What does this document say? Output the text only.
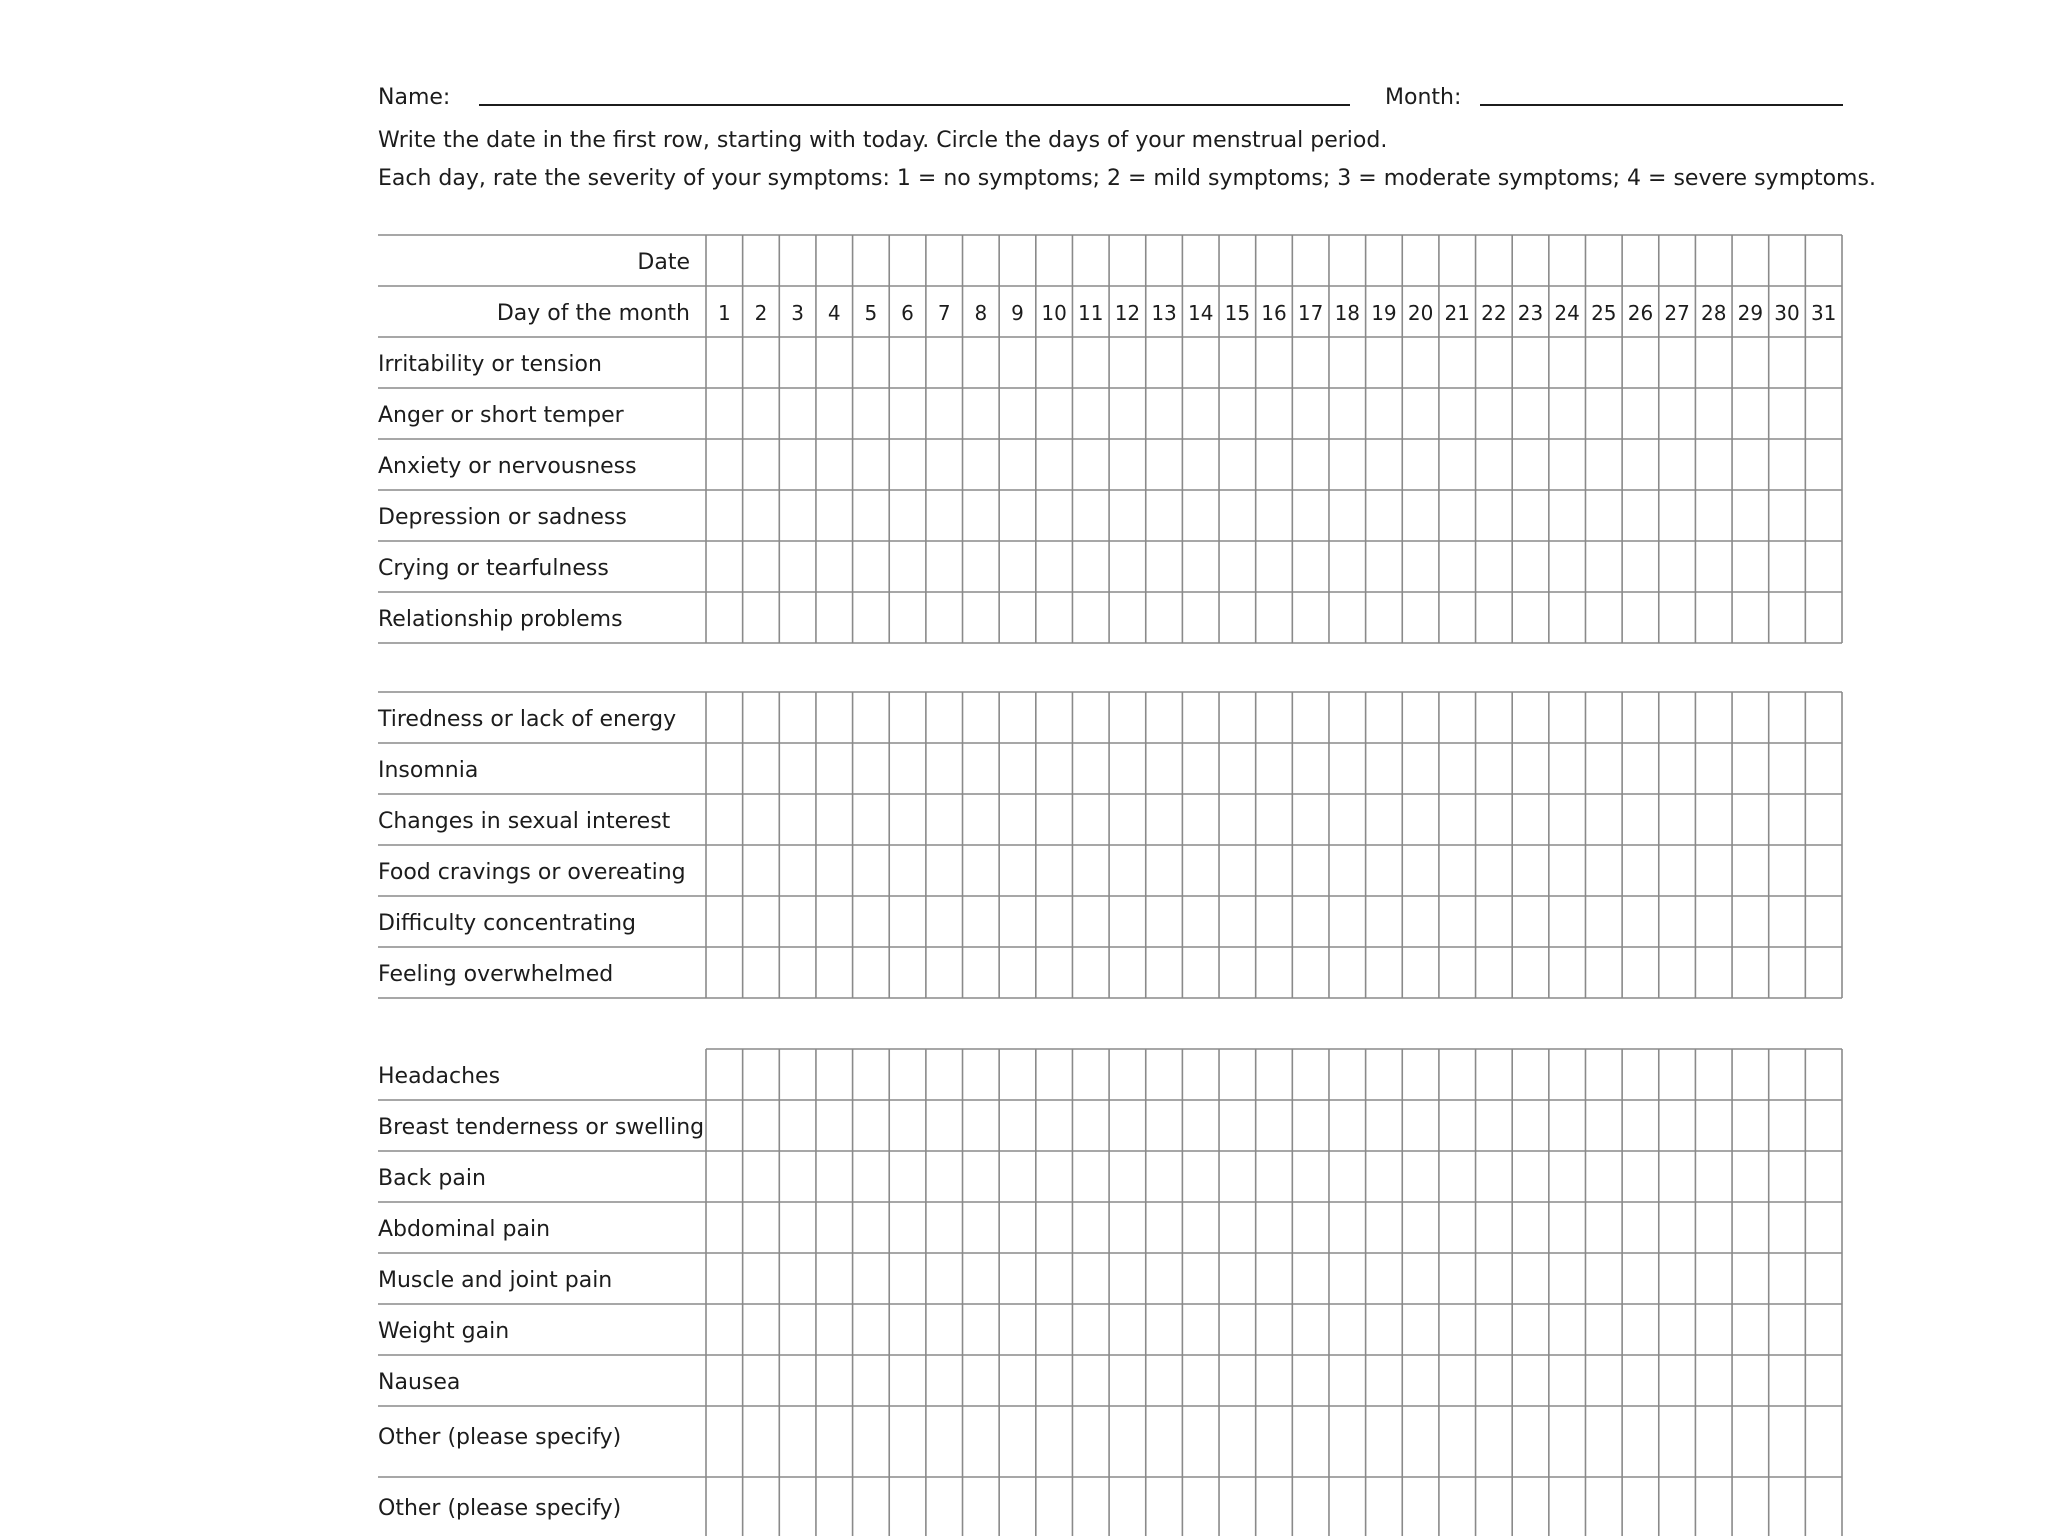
Name:	Month:
Write the date in the first row, starting with today. Circle the days of your menstrual period.
Each day, rate the severity of your symptoms: 1 = no symptoms; 2 = mild symptoms; 3 = moderate symptoms; 4 = severe symptoms.
Date
Day of the month 1 2 3 4 5 6 7 8 9 10 11 12 13 14 15 16 17 18 19 20 21 22 23 24 25 26 27 28 29 30 31
Irritability or tension
Anger or short temper
Anxiety or nervousness
Depression or sadness
Crying or tearfulness
Relationship problems
Tiredness or lack of energy
Insomnia
Changes in sexual interest
Food cravings or overeating
Difficulty concentrating
Feeling overwhelmed
Headaches
Breast tenderness or swelling
Back pain
Abdominal pain
Muscle and joint pain
Weight gain
Nausea
Other (please specify)
Other (please specify)
